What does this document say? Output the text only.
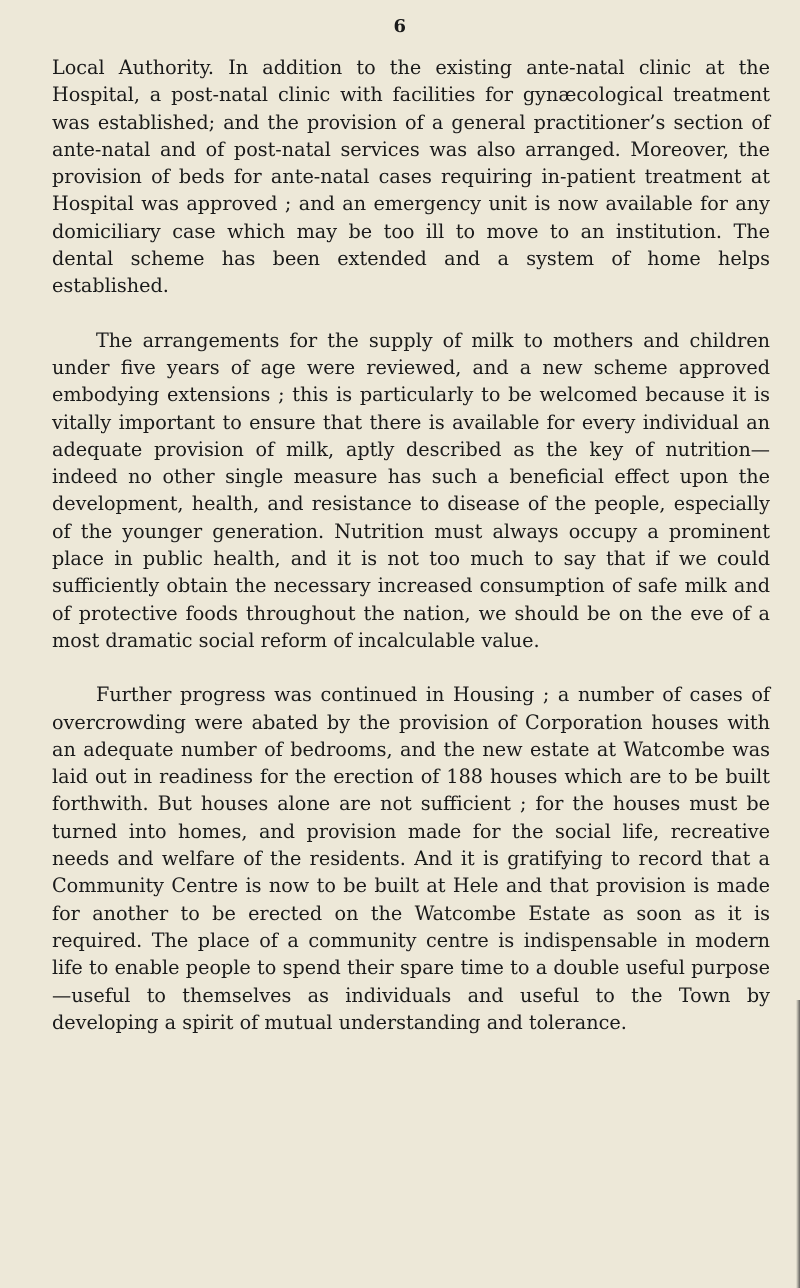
6

Local Authority. In addition to the existing ante-natal clinic at the Hospital, a post-natal clinic with facilities for gynæcological treatment was established; and the provision of a general practitioner’s section of ante-natal and of post-natal services was also arranged. Moreover, the provision of beds for ante-natal cases requiring in-patient treatment at Hospital was approved ; and an emergency unit is now available for any domiciliary case which may be too ill to move to an institution. The dental scheme has been extended and a system of home helps established.

The arrangements for the supply of milk to mothers and children under five years of age were reviewed, and a new scheme approved embodying extensions ; this is particularly to be welcomed because it is vitally important to ensure that there is available for every individual an adequate provision of milk, aptly described as the key of nutrition—indeed no other single measure has such a beneficial effect upon the development, health, and resistance to disease of the people, especially of the younger generation. Nutrition must always occupy a prominent place in public health, and it is not too much to say that if we could sufficiently obtain the necessary increased consumption of safe milk and of protective foods throughout the nation, we should be on the eve of a most dramatic social reform of incalculable value.

Further progress was continued in Housing ; a number of cases of overcrowding were abated by the provision of Corporation houses with an adequate number of bedrooms, and the new estate at Watcombe was laid out in readiness for the erection of 188 houses which are to be built forthwith. But houses alone are not sufficient ; for the houses must be turned into homes, and provision made for the social life, recreative needs and welfare of the residents. And it is gratifying to record that a Community Centre is now to be built at Hele and that provision is made for another to be erected on the Watcombe Estate as soon as it is required. The place of a community centre is indispensable in modern life to enable people to spend their spare time to a double useful purpose—useful to themselves as individuals and useful to the Town by developing a spirit of mutual understanding and tolerance.
